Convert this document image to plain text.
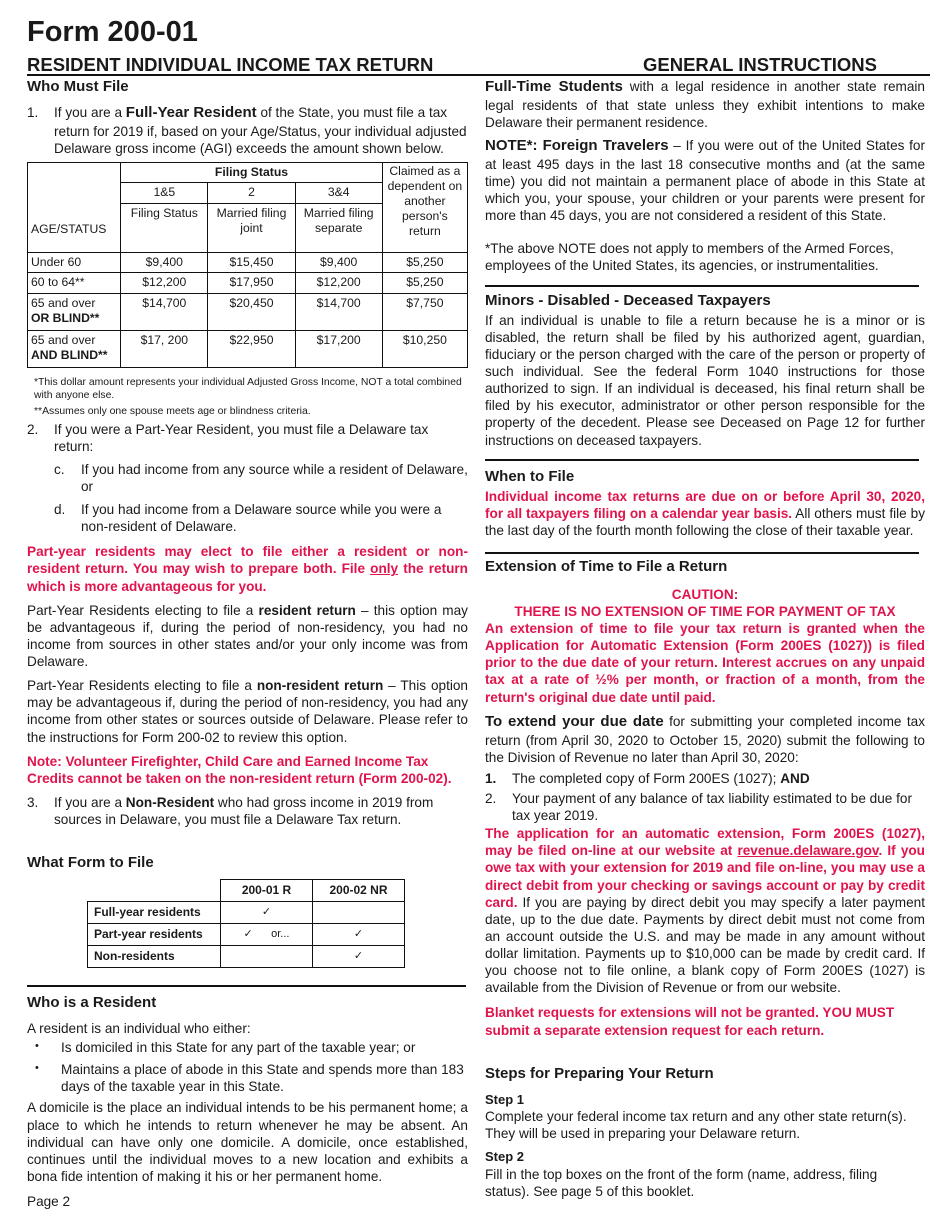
Form 200-01
RESIDENT INDIVIDUAL INCOME TAX RETURN	GENERAL INSTRUCTIONS
Who Must File
1.	If you are a Full-Year Resident of the State, you must file a tax return for 2019 if, based on your Age/Status, your individual adjusted Delaware gross income (AGI) exceeds the amount shown below.
AGE/STATUS	Filing Status			Claimed as a dependent on another person's return
	1&5	2	3&4	
	Filing Status	Married filing joint	Married filing separate	
Under 60	$9,400	$15,450	$9,400	$5,250
60 to 64**	$12,200	$17,950	$12,200	$5,250
65 and over
OR BLIND**	$14,700	$20,450	$14,700	$7,750
65 and over
AND BLIND**	$17, 200	$22,950	$17,200	$10,250

*This dollar amount represents your individual Adjusted Gross Income, NOT a total combined with anyone else.

**Assumes only one spouse meets age or blindness criteria.

2.	If you were a Part-Year Resident, you must file a Delaware tax return:
c.	If you had income from any source while a resident of Delaware, or
d.	If you had income from a Delaware source while you were a non-resident of Delaware.

Part-year residents may elect to file either a resident or non-resident return. You may wish to prepare both. File only the return which is more advantageous for you.

Part-Year Residents electing to file a resident return – this option may be advantageous if, during the period of non-residency, you had no income from sources in other states and/or your only income was from Delaware.

Part-Year Residents electing to file a non-resident return – This option may be advantageous if, during the period of non-residency, you had any income from other states or sources outside of Delaware. Please refer to the instructions for Form 200-02 to review this option.

Note: Volunteer Firefighter, Child Care and Earned Income Tax Credits cannot be taken on the non-resident return (Form 200-02).

3.	If you are a Non-Resident who had gross income in 2019 from sources in Delaware, you must file a Delaware Tax return.
What Form to File
	200-01 R	200-02 NR
Full-year residents	✓	
Part-year residents	✓      or...	✓
Non-residents		✓
Who is a Resident

A resident is an individual who either:

•	Is domiciled in this State for any part of the taxable year; or
•	Maintains a place of abode in this State and spends more than 183 days of the taxable year in this State.

A domicile is the place an individual intends to be his permanent home; a place to which he intends to return whenever he may be absent. An individual can have only one domicile. A domicile, once established, continues until the individual moves to a new location and exhibits a bona fide intention of making it his or her permanent home.

Page 2

Full-Time Students with a legal residence in another state remain legal residents of that state unless they exhibit intentions to make Delaware their permanent residence.

NOTE*: Foreign Travelers – If you were out of the United States for at least 495 days in the last 18 consecutive months and (at the same time) you did not maintain a permanent place of abode in this State at which you, your spouse, your children or your parents were present for more than 45 days, you are not considered a resident of this State.

*The above NOTE does not apply to members of the Armed Forces, employees of the United States, its agencies, or instrumentalities.

Minors - Disabled - Deceased Taxpayers

If an individual is unable to file a return because he is a minor or is disabled, the return shall be filed by his authorized agent, guardian, fiduciary or the person charged with the care of the person or property of such individual. See the federal Form 1040 instructions for those authorized to sign. If an individual is deceased, his final return shall be filed by his executor, administrator or other person responsible for the property of the decedent. Please see Deceased on Page 12 for further instructions on deceased taxpayers.

When to File

Individual income tax returns are due on or before April 30, 2020, for all taxpayers filing on a calendar year basis. All others must file by the last day of the fourth month following the close of their taxable year.

Extension of Time to File a Return

CAUTION:

THERE IS NO EXTENSION OF TIME FOR PAYMENT OF TAX

An extension of time to file your tax return is granted when the Application for Automatic Extension (Form 200ES (1027)) is filed prior to the due date of your return. Interest accrues on any unpaid tax at a rate of ½% per month, or fraction of a month, from the return's original due date until paid.

To extend your due date for submitting your completed income tax return (from April 30, 2020 to October 15, 2020) submit the following to the Division of Revenue no later than April 30, 2020:

1.	The completed copy of Form 200ES (1027); AND
2.	Your payment of any balance of tax liability estimated to be due for tax year 2019.

The application for an automatic extension, Form 200ES (1027), may be filed on-line at our website at revenue.delaware.gov. If you owe tax with your extension for 2019 and file on-line, you may use a direct debit from your checking or savings account or pay by credit card. If you are paying by direct debit you may specify a later payment date, up to the due date. Payments by direct debit must not come from an account outside the U.S. and may be made in any amount without dollar limitation. Payments up to $10,000 can be made by credit card. If you choose not to file online, a blank copy of Form 200ES (1027) is available from the Division of Revenue or from our website.

Blanket requests for extensions will not be granted. YOU MUST submit a separate extension request for each return.

Steps for Preparing Your Return

Step 1

Complete your federal income tax return and any other state return(s). They will be used in preparing your Delaware return.

Step 2

Fill in the top boxes on the front of the form (name, address, filing status). See page 5 of this booklet.
